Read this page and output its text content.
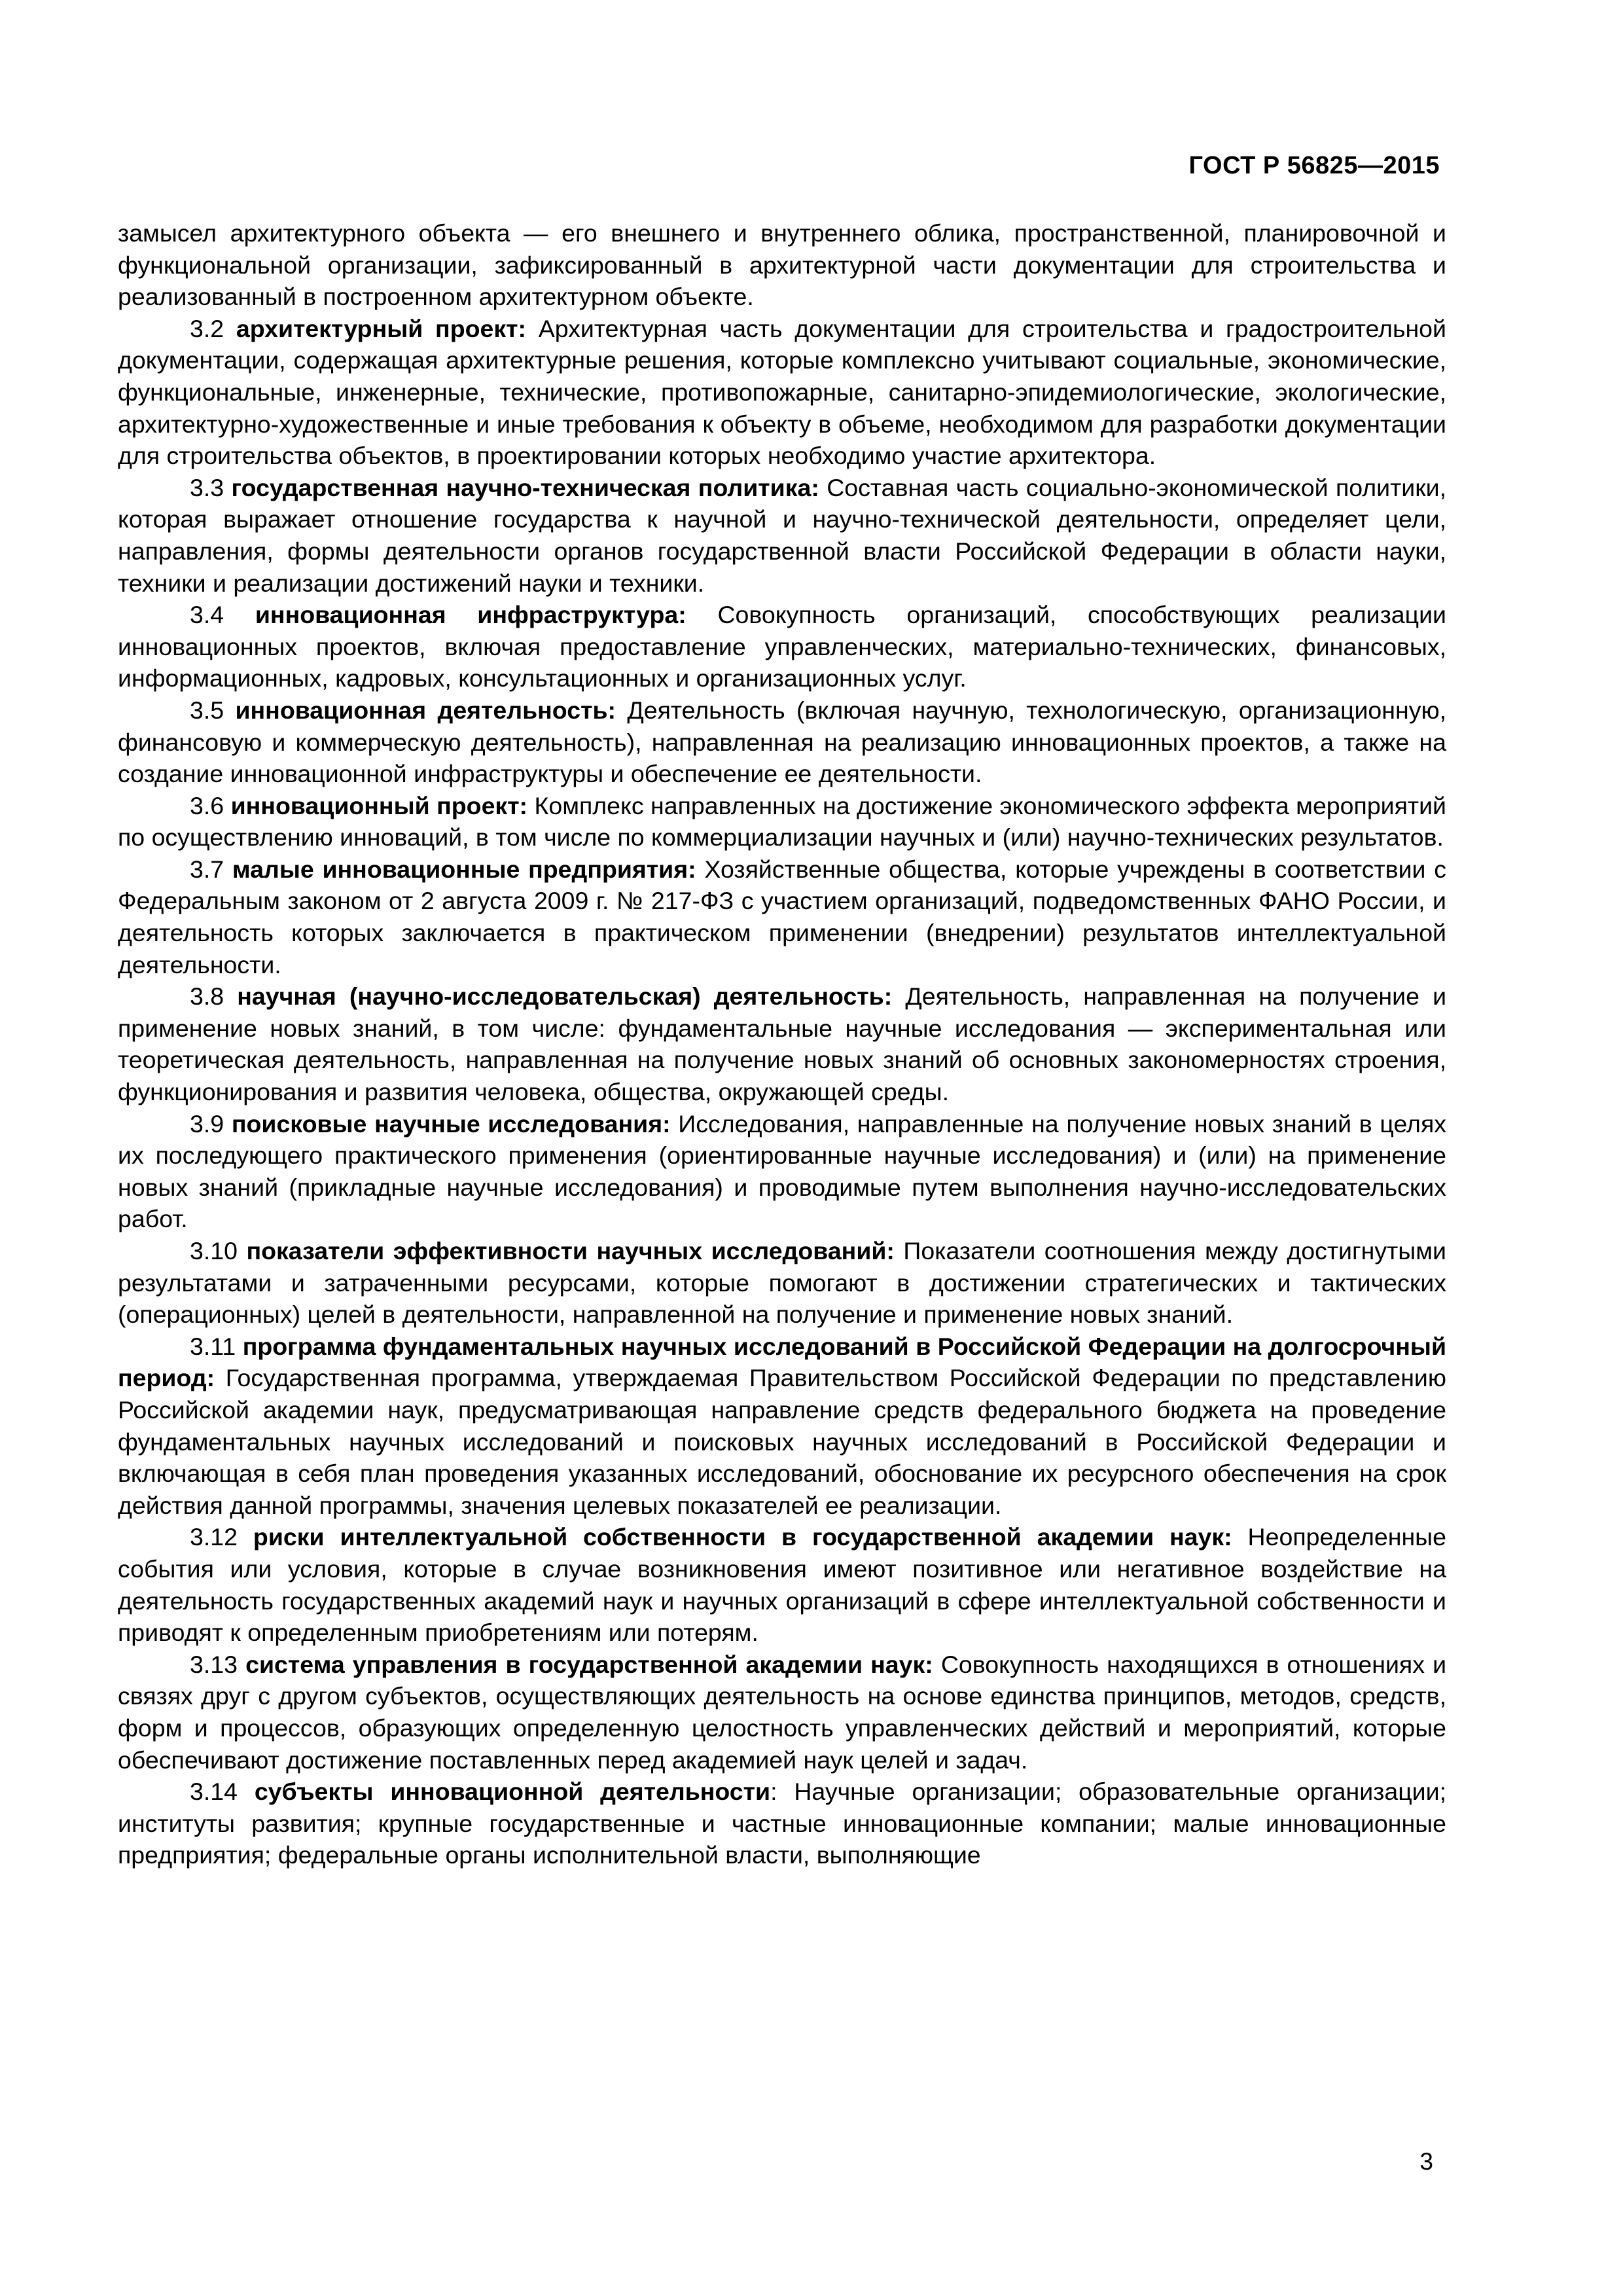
ГОСТ Р 56825—2015

замысел архитектурного объекта — его внешнего и внутреннего облика, пространственной, планировочной и функциональной организации, зафиксированный в архитектурной части документации для строительства и реализованный в построенном архитектурном объекте.

3.2 архитектурный проект: Архитектурная часть документации для строительства и градостроительной документации, содержащая архитектурные решения, которые комплексно учитывают социальные, экономические, функциональные, инженерные, технические, противопожарные, санитарно-эпидемиологические, экологические, архитектурно-художественные и иные требования к объекту в объеме, необходимом для разработки документации для строительства объектов, в проектировании которых необходимо участие архитектора.

3.3 государственная научно-техническая политика: Составная часть социально-экономической политики, которая выражает отношение государства к научной и научно-технической деятельности, определяет цели, направления, формы деятельности органов государственной власти Российской Федерации в области науки, техники и реализации достижений науки и техники.

3.4 инновационная инфраструктура: Совокупность организаций, способствующих реализации инновационных проектов, включая предоставление управленческих, материально-технических, финансовых, информационных, кадровых, консультационных и организационных услуг.

3.5 инновационная деятельность: Деятельность (включая научную, технологическую, организационную, финансовую и коммерческую деятельность), направленная на реализацию инновационных проектов, а также на создание инновационной инфраструктуры и обеспечение ее деятельности.

3.6 инновационный проект: Комплекс направленных на достижение экономического эффекта мероприятий по осуществлению инноваций, в том числе по коммерциализации научных и (или) научно-технических результатов.

3.7 малые инновационные предприятия: Хозяйственные общества, которые учреждены в соответствии с Федеральным законом от 2 августа 2009 г. № 217-ФЗ с участием организаций, подведомственных ФАНО России, и деятельность которых заключается в практическом применении (внедрении) результатов интеллектуальной деятельности.

3.8 научная (научно-исследовательская) деятельность: Деятельность, направленная на получение и применение новых знаний, в том числе: фундаментальные научные исследования — экспериментальная или теоретическая деятельность, направленная на получение новых знаний об основных закономерностях строения, функционирования и развития человека, общества, окружающей среды.

3.9 поисковые научные исследования: Исследования, направленные на получение новых знаний в целях их последующего практического применения (ориентированные научные исследования) и (или) на применение новых знаний (прикладные научные исследования) и проводимые путем выполнения научно-исследовательских работ.

3.10 показатели эффективности научных исследований: Показатели соотношения между достигнутыми результатами и затраченными ресурсами, которые помогают в достижении стратегических и тактических (операционных) целей в деятельности, направленной на получение и применение новых знаний.

3.11 программа фундаментальных научных исследований в Российской Федерации на долгосрочный период: Государственная программа, утверждаемая Правительством Российской Федерации по представлению Российской академии наук, предусматривающая направление средств федерального бюджета на проведение фундаментальных научных исследований и поисковых научных исследований в Российской Федерации и включающая в себя план проведения указанных исследований, обоснование их ресурсного обеспечения на срок действия данной программы, значения целевых показателей ее реализации.

3.12 риски интеллектуальной собственности в государственной академии наук: Неопределенные события или условия, которые в случае возникновения имеют позитивное или негативное воздействие на деятельность государственных академий наук и научных организаций в сфере интеллектуальной собственности и приводят к определенным приобретениям или потерям.

3.13 система управления в государственной академии наук: Совокупность находящихся в отношениях и связях друг с другом субъектов, осуществляющих деятельность на основе единства принципов, методов, средств, форм и процессов, образующих определенную целостность управленческих действий и мероприятий, которые обеспечивают достижение поставленных перед академией наук целей и задач.

3.14 субъекты инновационной деятельности: Научные организации; образовательные организации; институты развития; крупные государственные и частные инновационные компании; малые инновационные предприятия; федеральные органы исполнительной власти, выполняющие

3
